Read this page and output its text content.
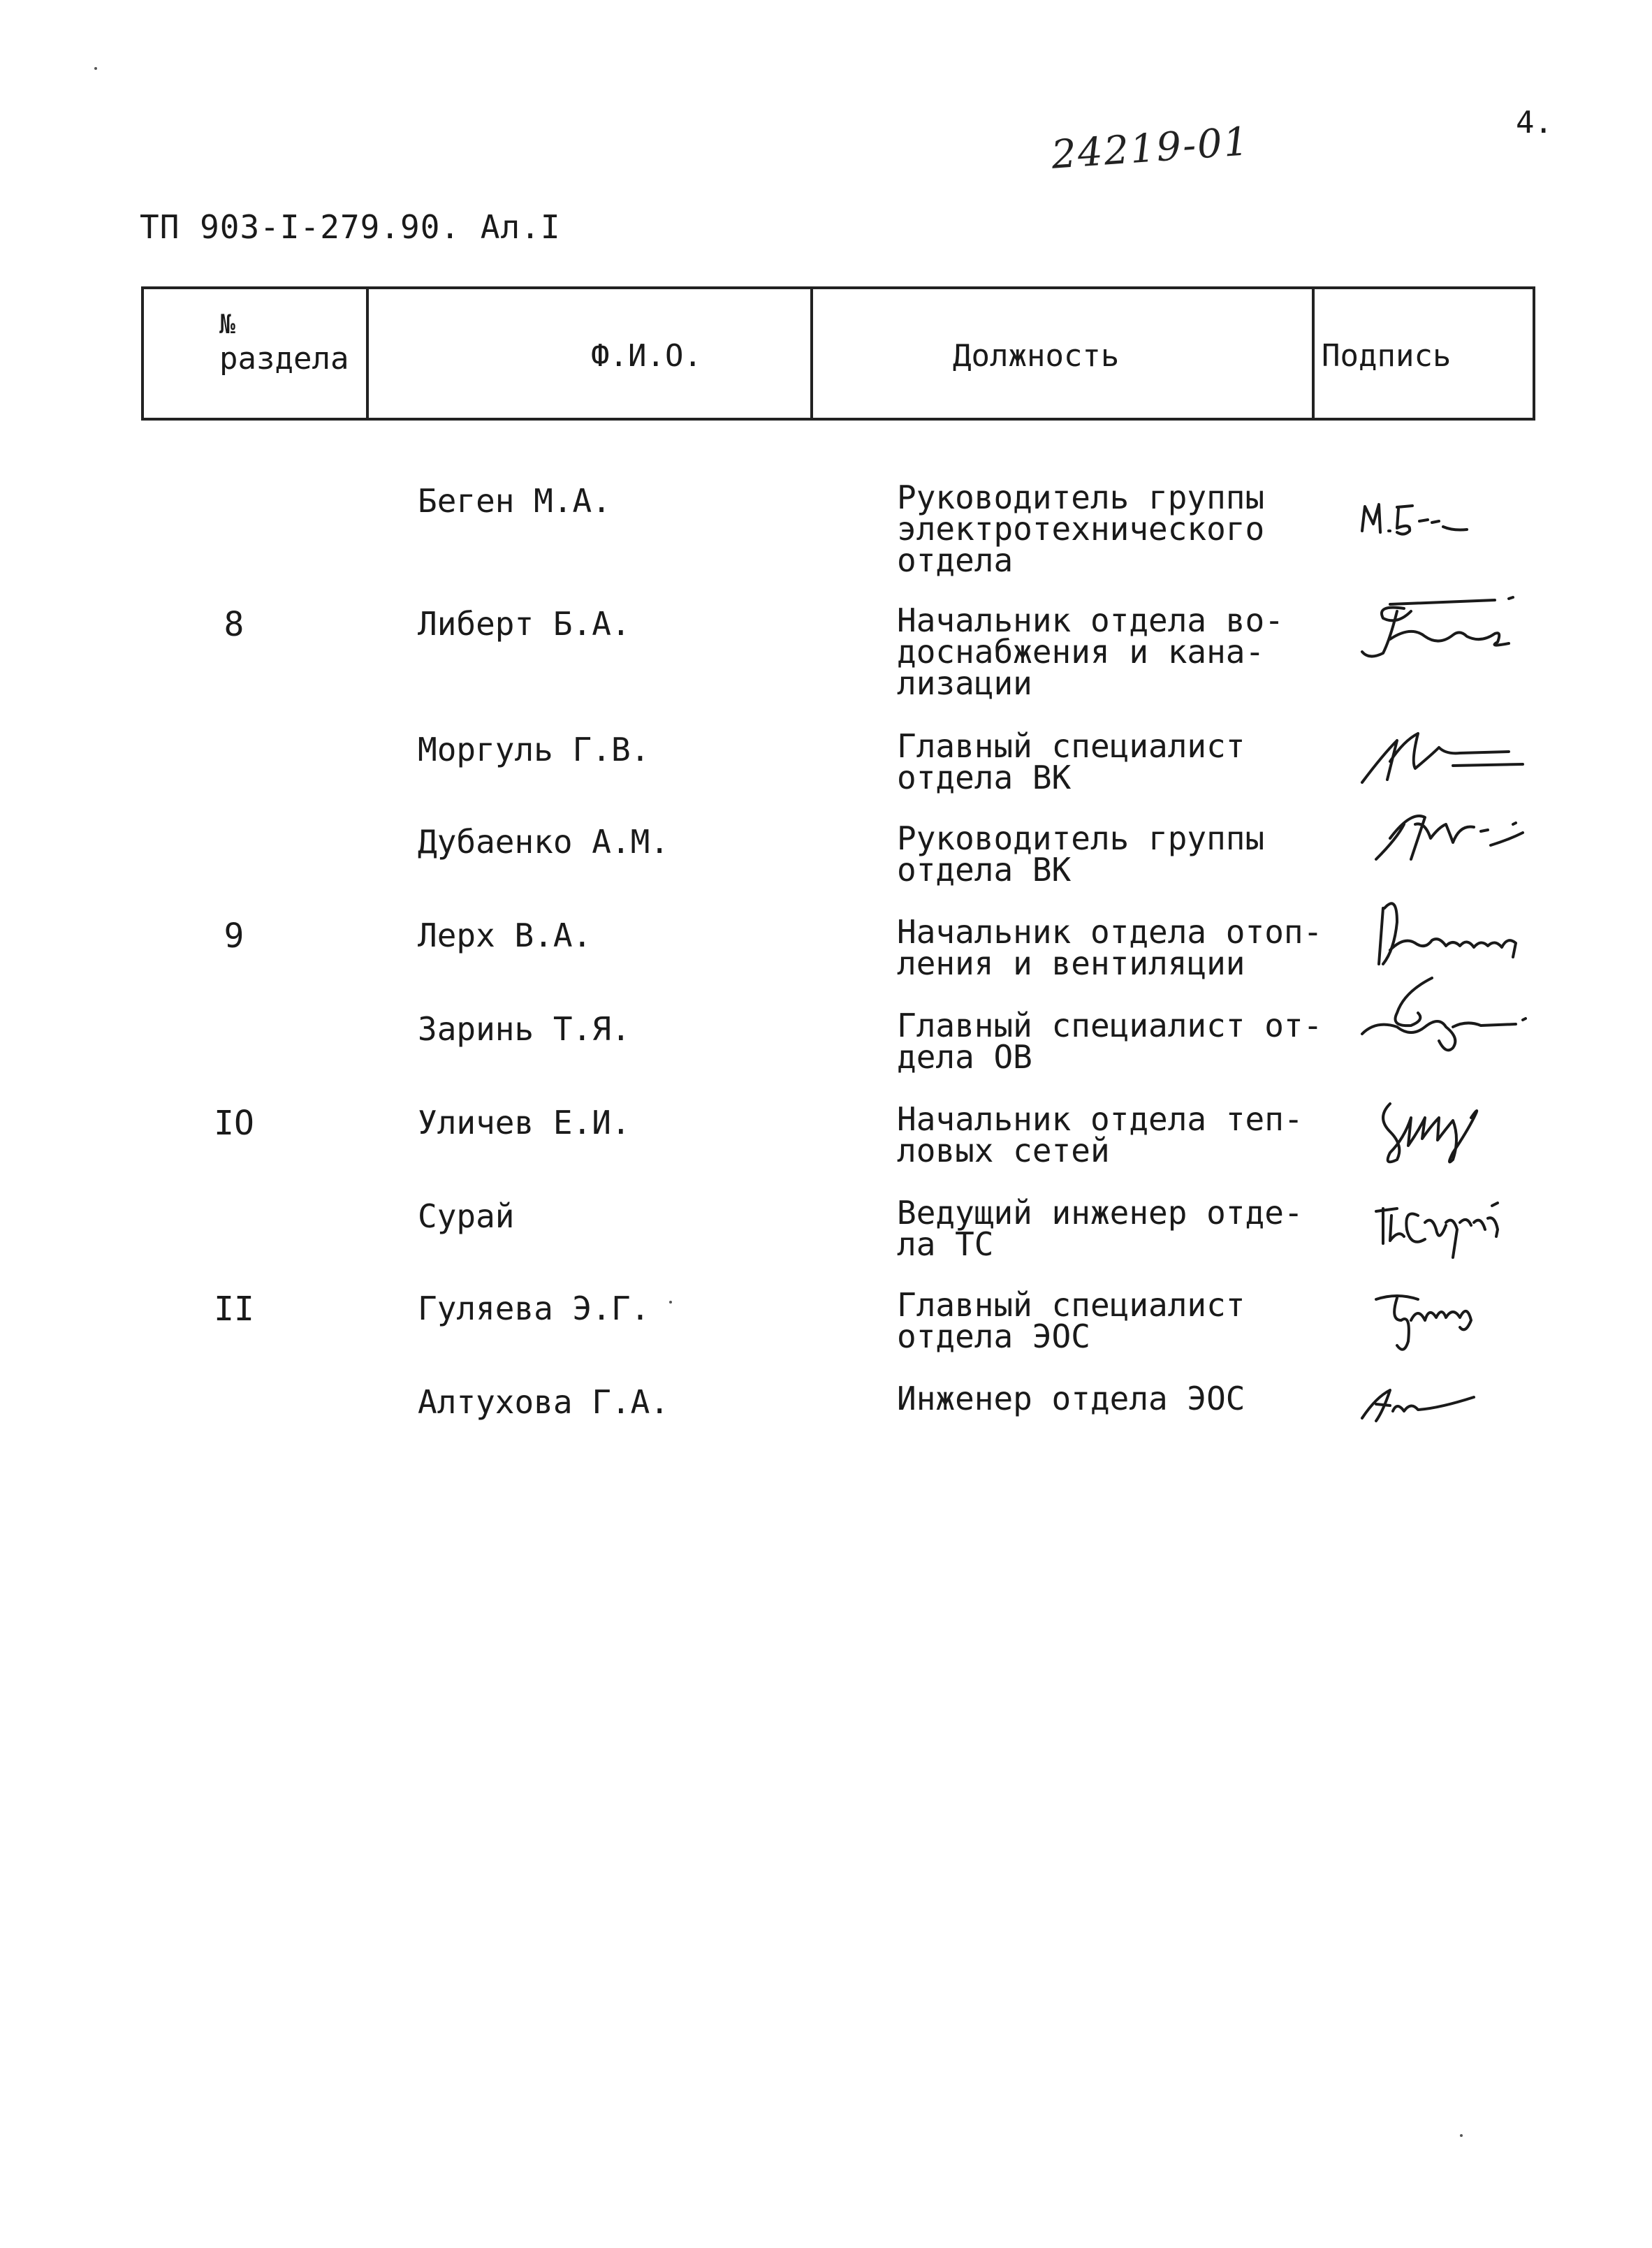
24219-01	4.
ТП 903-I-279.90. Ал.I
№
раздела	Ф.И.О.	Должность	Подпись
Беген М.А.	Руководитель группы
электротехнического
отдела
8	Либерт Б.А.	Начальник отдела во-
доснабжения и кана-
лизации
Моргуль Г.В.	Главный специалист
отдела ВК
Дубаенко А.М.	Руководитель группы
отдела ВК
9	Лерх В.А.	Начальник отдела отоп-
ления и вентиляции
Заринь Т.Я.	Главный специалист от-
дела ОВ
IO	Уличев Е.И.	Начальник отдела теп-
ловых сетей
Сурай	Ведущий инженер отде-
ла ТС
II	Гуляева Э.Г.	Главный специалист
отдела ЭОС
Алтухова Г.А.	Инженер отдела ЭОС
